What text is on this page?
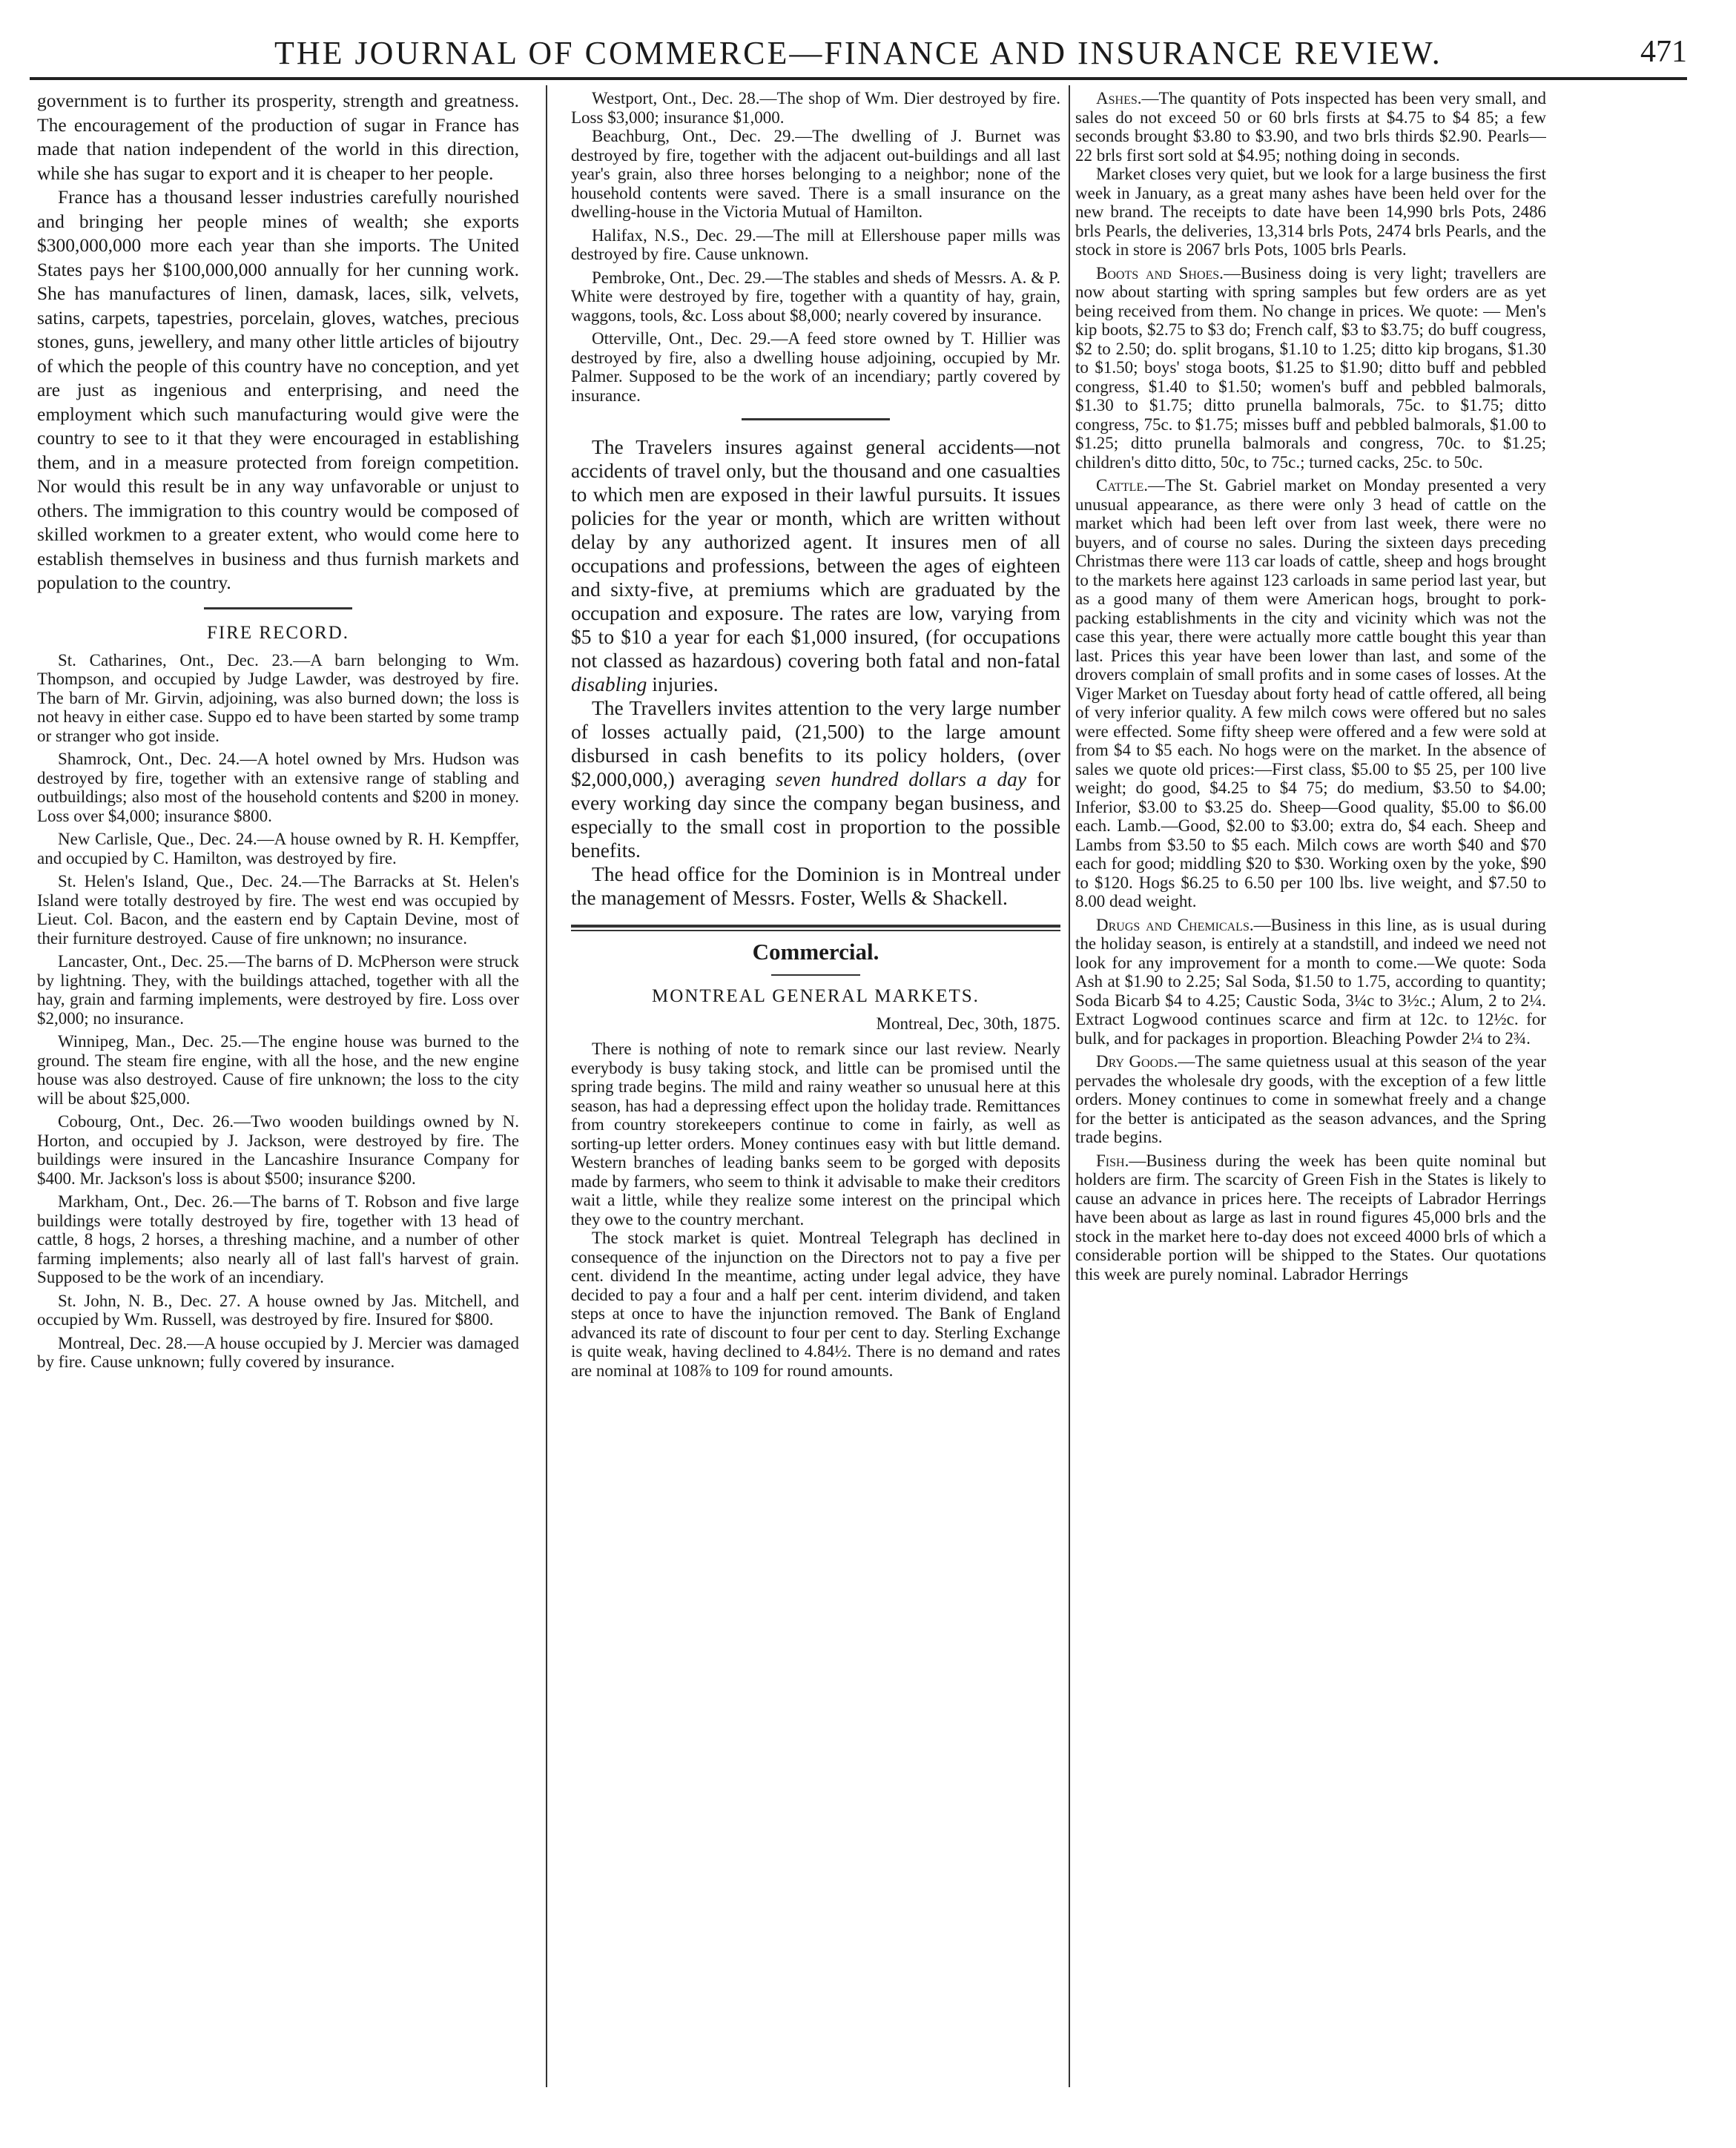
THE JOURNAL OF COMMERCE—FINANCE AND INSURANCE REVIEW.	471

government is to further its prosperity, strength and greatness. The encouragement of the production of sugar in France has made that nation independent of the world in this direction, while she has sugar to export and it is cheaper to her people.

France has a thousand lesser industries carefully nourished and bringing her people mines of wealth; she exports $300,000,000 more each year than she imports. The United States pays her $100,000,000 annually for her cunning work. She has manufactures of linen, damask, laces, silk, velvets, satins, carpets, tapestries, porcelain, gloves, watches, precious stones, guns, jewellery, and many other little articles of bijoutry of which the people of this country have no conception, and yet are just as ingenious and enterprising, and need the employment which such manufacturing would give were the country to see to it that they were encouraged in establishing them, and in a measure protected from foreign competition. Nor would this result be in any way unfavorable or unjust to others. The immigration to this country would be composed of skilled workmen to a greater extent, who would come here to establish themselves in business and thus furnish markets and population to the country.

FIRE RECORD.

St. Catharines, Ont., Dec. 23.—A barn belonging to Wm. Thompson, and occupied by Judge Lawder, was destroyed by fire. The barn of Mr. Girvin, adjoining, was also burned down; the loss is not heavy in either case. Suppo ed to have been started by some tramp or stranger who got inside.

Shamrock, Ont., Dec. 24.—A hotel owned by Mrs. Hudson was destroyed by fire, together with an extensive range of stabling and outbuildings; also most of the household contents and $200 in money. Loss over $4,000; insurance $800.

New Carlisle, Que., Dec. 24.—A house owned by R. H. Kempffer, and occupied by C. Hamilton, was destroyed by fire.

St. Helen's Island, Que., Dec. 24.—The Barracks at St. Helen's Island were totally destroyed by fire. The west end was occupied by Lieut. Col. Bacon, and the eastern end by Captain Devine, most of their furniture destroyed. Cause of fire unknown; no insurance.

Lancaster, Ont., Dec. 25.—The barns of D. McPherson were struck by lightning. They, with the buildings attached, together with all the hay, grain and farming implements, were destroyed by fire. Loss over $2,000; no insurance.

Winnipeg, Man., Dec. 25.—The engine house was burned to the ground. The steam fire engine, with all the hose, and the new engine house was also destroyed. Cause of fire unknown; the loss to the city will be about $25,000.

Cobourg, Ont., Dec. 26.—Two wooden buildings owned by N. Horton, and occupied by J. Jackson, were destroyed by fire. The buildings were insured in the Lancashire Insurance Company for $400. Mr. Jackson's loss is about $500; insurance $200.

Markham, Ont., Dec. 26.—The barns of T. Robson and five large buildings were totally destroyed by fire, together with 13 head of cattle, 8 hogs, 2 horses, a threshing machine, and a number of other farming implements; also nearly all of last fall's harvest of grain. Supposed to be the work of an incendiary.

St. John, N. B., Dec. 27. A house owned by Jas. Mitchell, and occupied by Wm. Russell, was destroyed by fire. Insured for $800.

Montreal, Dec. 28.—A house occupied by J. Mercier was damaged by fire. Cause unknown; fully covered by insurance.

Westport, Ont., Dec. 28.—The shop of Wm. Dier destroyed by fire. Loss $3,000; insurance $1,000.

Beachburg, Ont., Dec. 29.—The dwelling of J. Burnet was destroyed by fire, together with the adjacent out-buildings and all last year's grain, also three horses belonging to a neighbor; none of the household contents were saved. There is a small insurance on the dwelling-house in the Victoria Mutual of Hamilton.

Halifax, N.S., Dec. 29.—The mill at Ellershouse paper mills was destroyed by fire. Cause unknown.

Pembroke, Ont., Dec. 29.—The stables and sheds of Messrs. A. & P. White were destroyed by fire, together with a quantity of hay, grain, waggons, tools, &c. Loss about $8,000; nearly covered by insurance.

Otterville, Ont., Dec. 29.—A feed store owned by T. Hillier was destroyed by fire, also a dwelling house adjoining, occupied by Mr. Palmer. Supposed to be the work of an incendiary; partly covered by insurance.

The Travelers insures against general accidents—not accidents of travel only, but the thousand and one casualties to which men are exposed in their lawful pursuits. It issues policies for the year or month, which are written without delay by any authorized agent. It insures men of all occupations and professions, between the ages of eighteen and sixty-five, at premiums which are graduated by the occupation and exposure. The rates are low, varying from $5 to $10 a year for each $1,000 insured, (for occupations not classed as hazardous) covering both fatal and non-fatal disabling injuries.

The Travellers invites attention to the very large number of losses actually paid, (21,500) to the large amount disbursed in cash benefits to its policy holders, (over $2,000,000,) averaging seven hundred dollars a day for every working day since the company began business, and especially to the small cost in proportion to the possible benefits.

The head office for the Dominion is in Montreal under the management of Messrs. Foster, Wells & Shackell.

Commercial.

MONTREAL GENERAL MARKETS.

Montreal, Dec, 30th, 1875.

There is nothing of note to remark since our last review. Nearly everybody is busy taking stock, and little can be promised until the spring trade begins. The mild and rainy weather so unusual here at this season, has had a depressing effect upon the holiday trade. Remittances from country storekeepers continue to come in fairly, as well as sorting-up letter orders. Money continues easy with but little demand. Western branches of leading banks seem to be gorged with deposits made by farmers, who seem to think it advisable to make their creditors wait a little, while they realize some interest on the principal which they owe to the country merchant.

The stock market is quiet. Montreal Telegraph has declined in consequence of the injunction on the Directors not to pay a five per cent. dividend In the meantime, acting under legal advice, they have decided to pay a four and a half per cent. interim dividend, and taken steps at once to have the injunction removed. The Bank of England advanced its rate of discount to four per cent to day. Sterling Exchange is quite weak, having declined to 4.84½. There is no demand and rates are nominal at 108⅞ to 109 for round amounts.

Ashes.—The quantity of Pots inspected has been very small, and sales do not exceed 50 or 60 brls firsts at $4.75 to $4 85; a few seconds brought $3.80 to $3.90, and two brls thirds $2.90. Pearls—22 brls first sort sold at $4.95; nothing doing in seconds.

Market closes very quiet, but we look for a large business the first week in January, as a great many ashes have been held over for the new brand. The receipts to date have been 14,990 brls Pots, 2486 brls Pearls, the deliveries, 13,314 brls Pots, 2474 brls Pearls, and the stock in store is 2067 brls Pots, 1005 brls Pearls.

Boots and Shoes.—Business doing is very light; travellers are now about starting with spring samples but few orders are as yet being received from them. No change in prices. We quote: — Men's kip boots, $2.75 to $3 do; French calf, $3 to $3.75; do buff cougress, $2 to 2.50; do. split brogans, $1.10 to 1.25; ditto kip brogans, $1.30 to $1.50; boys' stoga boots, $1.25 to $1.90; ditto buff and pebbled congress, $1.40 to $1.50; women's buff and pebbled balmorals, $1.30 to $1.75; ditto prunella balmorals, 75c. to $1.75; ditto congress, 75c. to $1.75; misses buff and pebbled balmorals, $1.00 to $1.25; ditto prunella balmorals and congress, 70c. to $1.25; children's ditto ditto, 50c, to 75c.; turned cacks, 25c. to 50c.

Cattle.—The St. Gabriel market on Monday presented a very unusual appearance, as there were only 3 head of cattle on the market which had been left over from last week, there were no buyers, and of course no sales. During the sixteen days preceding Christmas there were 113 car loads of cattle, sheep and hogs brought to the markets here against 123 carloads in same period last year, but as a good many of them were American hogs, brought to pork-packing establishments in the city and vicinity which was not the case this year, there were actually more cattle bought this year than last. Prices this year have been lower than last, and some of the drovers complain of small profits and in some cases of losses. At the Viger Market on Tuesday about forty head of cattle offered, all being of very inferior quality. A few milch cows were offered but no sales were effected. Some fifty sheep were offered and a few were sold at from $4 to $5 each. No hogs were on the market. In the absence of sales we quote old prices:—First class, $5.00 to $5 25, per 100 live weight; do good, $4.25 to $4 75; do medium, $3.50 to $4.00; Inferior, $3.00 to $3.25 do. Sheep—Good quality, $5.00 to $6.00 each. Lamb.—Good, $2.00 to $3.00; extra do, $4 each. Sheep and Lambs from $3.50 to $5 each. Milch cows are worth $40 and $70 each for good; middling $20 to $30. Working oxen by the yoke, $90 to $120. Hogs $6.25 to 6.50 per 100 lbs. live weight, and $7.50 to 8.00 dead weight.

Drugs and Chemicals.—Business in this line, as is usual during the holiday season, is entirely at a standstill, and indeed we need not look for any improvement for a month to come.—We quote: Soda Ash at $1.90 to 2.25; Sal Soda, $1.50 to 1.75, according to quantity; Soda Bicarb $4 to 4.25; Caustic Soda, 3¼c to 3½c.; Alum, 2 to 2¼. Extract Logwood continues scarce and firm at 12c. to 12½c. for bulk, and for packages in proportion. Bleaching Powder 2¼ to 2¾.

Dry Goods.—The same quietness usual at this season of the year pervades the wholesale dry goods, with the exception of a few little orders. Money continues to come in somewhat freely and a change for the better is anticipated as the season advances, and the Spring trade begins.

Fish.—Business during the week has been quite nominal but holders are firm. The scarcity of Green Fish in the States is likely to cause an advance in prices here. The receipts of Labrador Herrings have been about as large as last in round figures 45,000 brls and the stock in the market here to-day does not exceed 4000 brls of which a considerable portion will be shipped to the States. Our quotations this week are purely nominal. Labrador Herrings
